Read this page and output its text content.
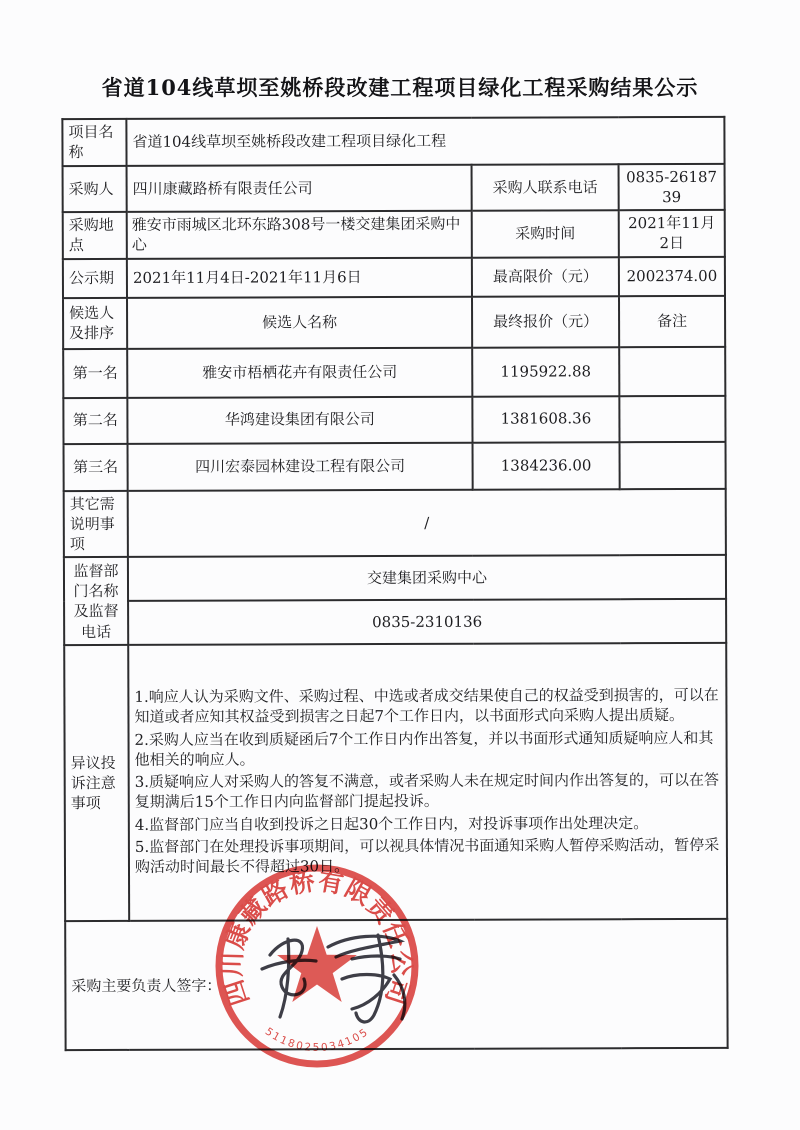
省道104线草坝至姚桥段改建工程项目绿化工程采购结果公示
项目名称	省道104线草坝至姚桥段改建工程项目绿化工程		
采购人	四川康藏路桥有限责任公司	采购人联系电话	0835-2618739
采购地点	雅安市雨城区北环东路308号一楼交建集团采购中心	采购时间	2021年11月2日
公示期	2021年11月4日-2021年11月6日	最高限价（元）	2002374.00
候选人及排序	候选人名称	最终报价（元）	备注
第一名	雅安市梧栖花卉有限责任公司	1195922.88	
第二名	华鸿建设集团有限公司	1381608.36	
第三名	四川宏泰园林建设工程有限公司	1384236.00	
其它需说明事项	/		
监督部门名称及监督电话	交建集团采购中心		
	0835-2310136		
异议投诉注意事项	1.响应人认为采购文件、采购过程、中选或者成交结果使自己的权益受到损害的，可以在知道或者应知其权益受到损害之日起7个工作日内，以书面形式向采购人提出质疑。
2.采购人应当在收到质疑函后7个工作日内作出答复，并以书面形式通知质疑响应人和其他相关的响应人。
3.质疑响应人对采购人的答复不满意，或者采购人未在规定时间内作出答复的，可以在答复期满后15个工作日内向监督部门提起投诉。
4.监督部门应当自收到投诉之日起30个工作日内，对投诉事项作出处理决定。
5.监督部门在处理投诉事项期间，可以视具体情况书面通知采购人暂停采购活动，暂停采购活动时间最长不得超过30日。		

采购主要负责人签字：			
四川康藏路桥有限责任公司
5118025034105
